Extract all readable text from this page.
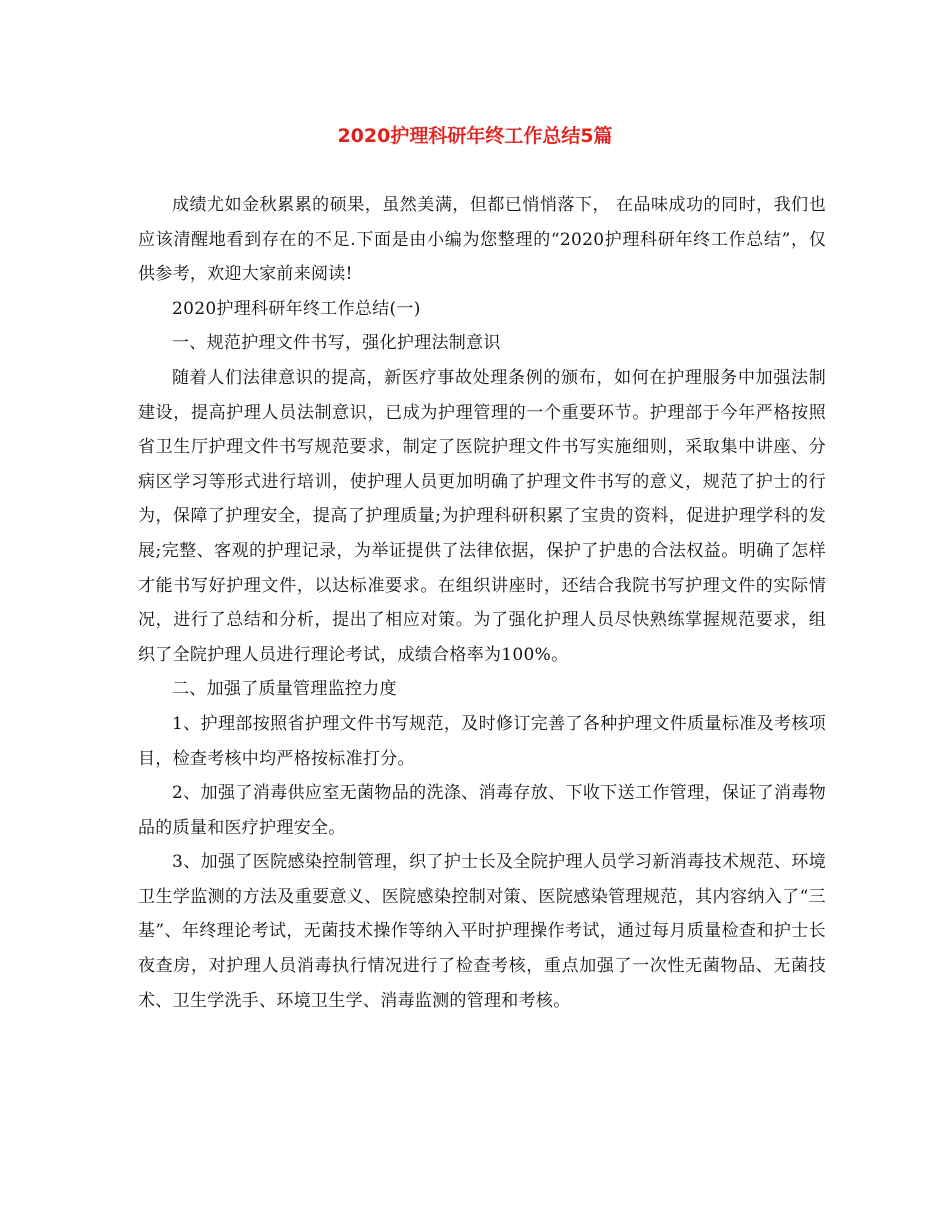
2020护理科研年终工作总结5篇

成绩尤如金秋累累的硕果，虽然美满，但都已悄悄落下， 在品味成功的同时，我们也应该清醒地看到存在的不足.下面是由小编为您整理的“2020护理科研年终工作总结”，仅供参考，欢迎大家前来阅读!

2020护理科研年终工作总结(一)

一、规范护理文件书写，强化护理法制意识

随着人们法律意识的提高，新医疗事故处理条例的颁布，如何在护理服务中加强法制建设，提高护理人员法制意识，已成为护理管理的一个重要环节。护理部于今年严格按照省卫生厅护理文件书写规范要求，制定了医院护理文件书写实施细则，采取集中讲座、分病区学习等形式进行培训，使护理人员更加明确了护理文件书写的意义，规范了护士的行为，保障了护理安全，提高了护理质量;为护理科研积累了宝贵的资料，促进护理学科的发展;完整、客观的护理记录，为举证提供了法律依据，保护了护患的合法权益。明确了怎样才能书写好护理文件，以达标准要求。在组织讲座时，还结合我院书写护理文件的实际情况，进行了总结和分析，提出了相应对策。为了强化护理人员尽快熟练掌握规范要求，组织了全院护理人员进行理论考试，成绩合格率为100%。

二、加强了质量管理监控力度

1、护理部按照省护理文件书写规范，及时修订完善了各种护理文件质量标准及考核项目，检查考核中均严格按标准打分。

2、加强了消毒供应室无菌物品的洗涤、消毒存放、下收下送工作管理，保证了消毒物品的质量和医疗护理安全。

3、加强了医院感染控制管理，织了护士长及全院护理人员学习新消毒技术规范、环境卫生学监测的方法及重要意义、医院感染控制对策、医院感染管理规范，其内容纳入了“三基”、年终理论考试，无菌技术操作等纳入平时护理操作考试，通过每月质量检查和护士长夜查房，对护理人员消毒执行情况进行了检查考核，重点加强了一次性无菌物品、无菌技术、卫生学洗手、环境卫生学、消毒监测的管理和考核。
